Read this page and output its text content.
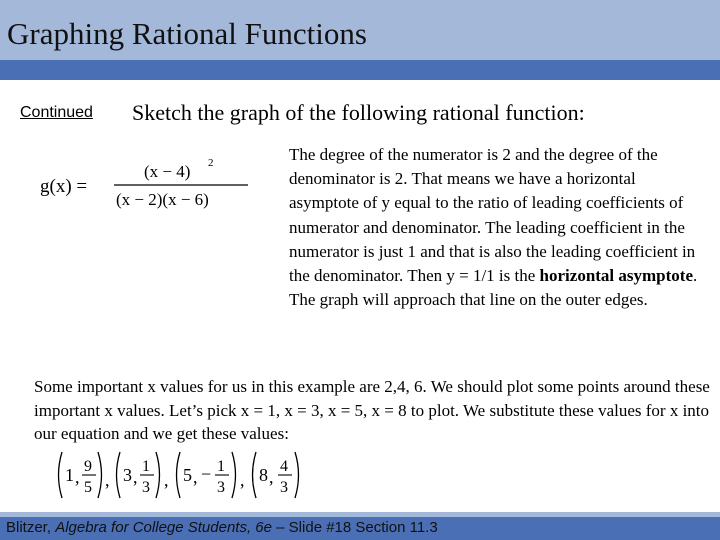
Graphing Rational Functions
Continued Sketch the graph of the following rational function:
g(x) =
(x − 4) 2
(x − 2)(x − 6)
The degree of the numerator is 2 and the degree of the denominator is 2. That means we have a horizontal asymptote of y equal to the ratio of leading coefficients of numerator and denominator. The leading coefficient in the numerator is just 1 and that is also the leading coefficient in the denominator. Then y = 1/1 is the horizontal asymptote. The graph will approach that line on the outer edges.
Some important x values for us in this example are 2,4, 6. We should plot some points around these important x values. Let’s pick x = 1, x = 3, x = 5, x = 8 to plot. We substitute these values for x into our equation and we get these values:
1 ,
9
5 , 3 ,
1
3 , 5 , − 1
3 , 8 ,
4
3
Blitzer, Algebra for College Students, 6e – Slide #18 Section 11.3
